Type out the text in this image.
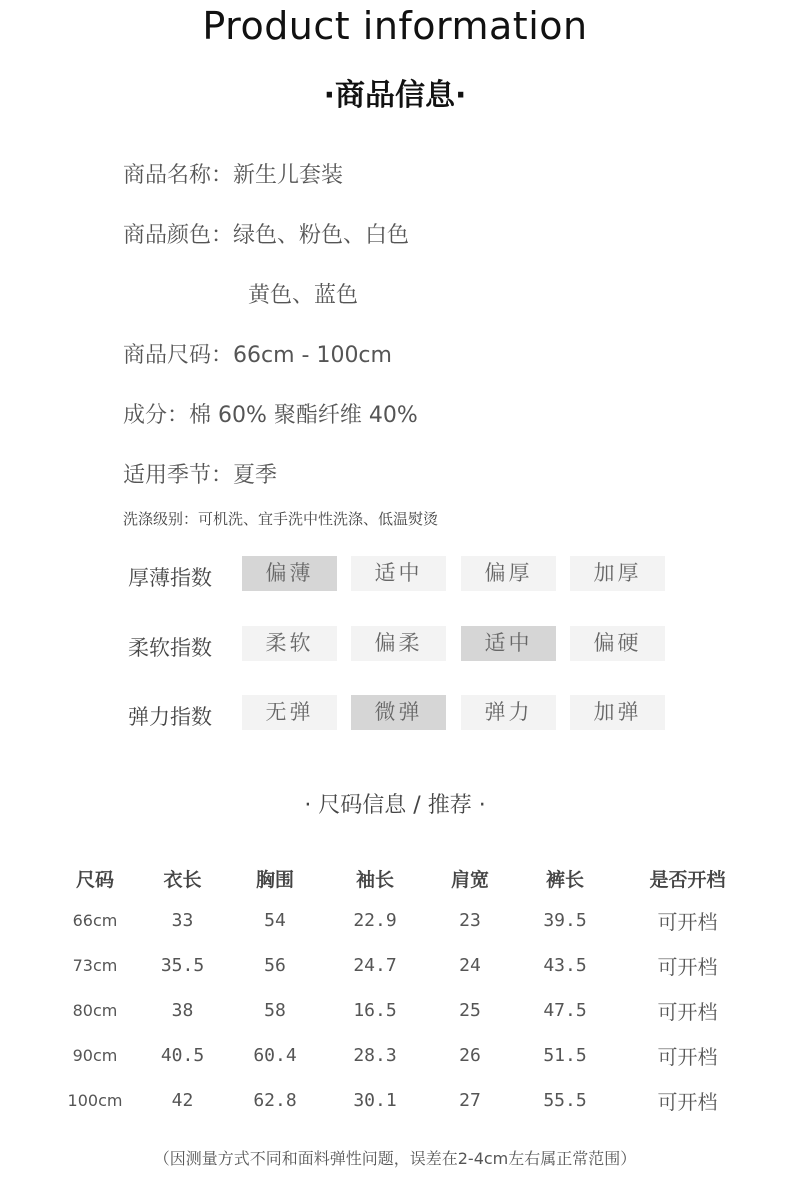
Product information
·商品信息·
商品名称：新生儿套装
商品颜色：绿色、粉色、白色
黄色、蓝色
商品尺码：66cm - 100cm
成分：棉 60% 聚酯纤维 40%
适用季节：夏季
洗涤级别：可机洗、宜手洗中性洗涤、低温熨烫
厚薄指数	偏薄	适中	偏厚	加厚
柔软指数	柔软	偏柔	适中	偏硬
弹力指数	无弹	微弹	弹力	加弹
· 尺码信息 / 推荐 ·
尺码	衣长	胸围	袖长	肩宽	裤长	是否开档
66cm	33	54	22.9	23	39.5	可开档
73cm	35.5	56	24.7	24	43.5	可开档
80cm	38	58	16.5	25	47.5	可开档
90cm	40.5	60.4	28.3	26	51.5	可开档
100cm	42	62.8	30.1	27	55.5	可开档
（因测量方式不同和面料弹性问题，误差在2-4cm左右属正常范围）
